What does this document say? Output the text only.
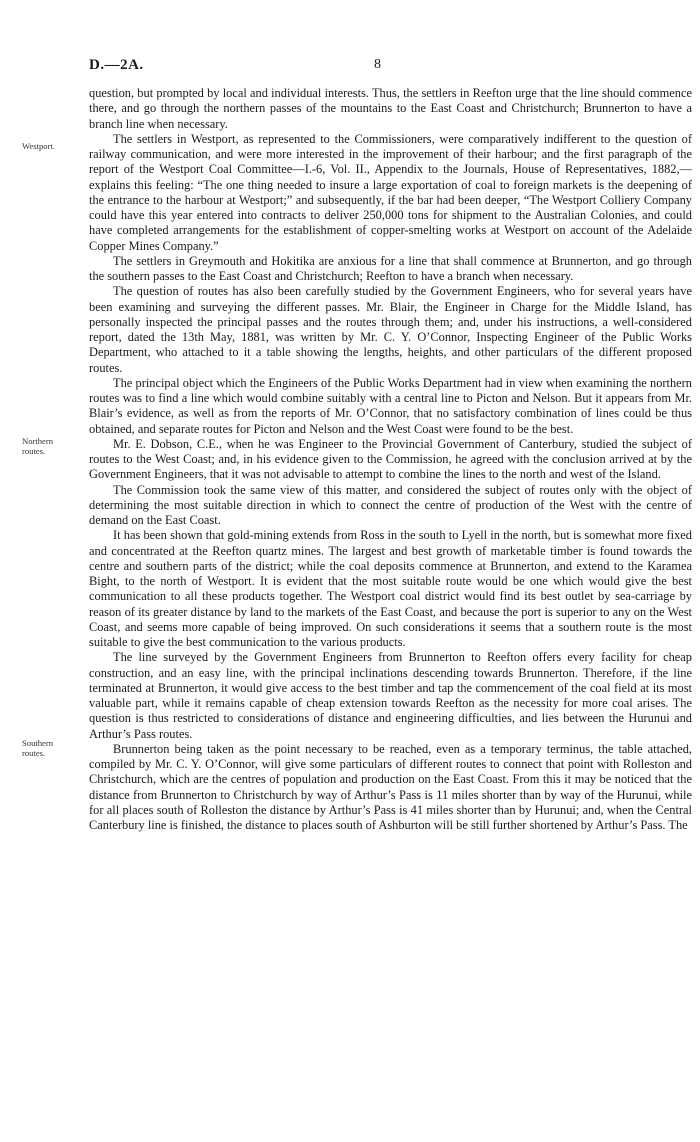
D.—2A.	8
Westport.
Northern routes.
Southern routes.

question, but prompted by local and individual interests. Thus, the settlers in Reefton urge that the line should commence there, and go through the northern passes of the mountains to the East Coast and Christchurch; Brunnerton to have a branch line when necessary.

The settlers in Westport, as represented to the Commissioners, were comparatively indifferent to the question of railway communication, and were more interested in the improvement of their harbour; and the first paragraph of the report of the Westport Coal Committee—I.-6, Vol. II., Appendix to the Journals, House of Representatives, 1882,—explains this feeling: “The one thing needed to insure a large exportation of coal to foreign markets is the deepening of the entrance to the harbour at Westport;” and subsequently, if the bar had been deeper, “The Westport Colliery Company could have this year entered into contracts to deliver 250,000 tons for shipment to the Australian Colonies, and could have completed arrangements for the establishment of copper-smelting works at Westport on account of the Adelaide Copper Mines Company.”

The settlers in Greymouth and Hokitika are anxious for a line that shall commence at Brunnerton, and go through the southern passes to the East Coast and Christchurch; Reefton to have a branch when necessary.

The question of routes has also been carefully studied by the Government Engineers, who for several years have been examining and surveying the different passes. Mr. Blair, the Engineer in Charge for the Middle Island, has personally inspected the principal passes and the routes through them; and, under his instructions, a well-considered report, dated the 13th May, 1881, was written by Mr. C. Y. O’Connor, Inspecting Engineer of the Public Works Department, who attached to it a table showing the lengths, heights, and other particulars of the different proposed routes.

The principal object which the Engineers of the Public Works Department had in view when examining the northern routes was to find a line which would combine suitably with a central line to Picton and Nelson. But it appears from Mr. Blair’s evidence, as well as from the reports of Mr. O’Connor, that no satisfactory combination of lines could be thus obtained, and separate routes for Picton and Nelson and the West Coast were found to be the best.

Mr. E. Dobson, C.E., when he was Engineer to the Provincial Government of Canterbury, studied the subject of routes to the West Coast; and, in his evidence given to the Commission, he agreed with the conclusion arrived at by the Government Engineers, that it was not advisable to attempt to combine the lines to the north and west of the Island.

The Commission took the same view of this matter, and considered the subject of routes only with the object of determining the most suitable direction in which to connect the centre of production of the West with the centre of demand on the East Coast.

It has been shown that gold-mining extends from Ross in the south to Lyell in the north, but is somewhat more fixed and concentrated at the Reefton quartz mines. The largest and best growth of marketable timber is found towards the centre and southern parts of the district; while the coal deposits commence at Brunnerton, and extend to the Karamea Bight, to the north of Westport. It is evident that the most suitable route would be one which would give the best communication to all these products together. The Westport coal district would find its best outlet by sea-carriage by reason of its greater distance by land to the markets of the East Coast, and because the port is superior to any on the West Coast, and seems more capable of being improved. On such considerations it seems that a southern route is the most suitable to give the best communication to the various products.

The line surveyed by the Government Engineers from Brunnerton to Reefton offers every facility for cheap construction, and an easy line, with the principal inclinations descending towards Brunnerton. Therefore, if the line terminated at Brunnerton, it would give access to the best timber and tap the commencement of the coal field at its most valuable part, while it remains capable of cheap extension towards Reefton as the necessity for more coal arises. The question is thus restricted to considerations of distance and engineering difficulties, and lies between the Hurunui and Arthur’s Pass routes.

Brunnerton being taken as the point necessary to be reached, even as a temporary terminus, the table attached, compiled by Mr. C. Y. O’Connor, will give some particulars of different routes to connect that point with Rolleston and Christchurch, which are the centres of population and production on the East Coast. From this it may be noticed that the distance from Brunnerton to Christchurch by way of Arthur’s Pass is 11 miles shorter than by way of the Hurunui, while for all places south of Rolleston the distance by Arthur’s Pass is 41 miles shorter than by Hurunui; and, when the Central Canterbury line is finished, the distance to places south of Ashburton will be still further shortened by Arthur’s Pass. The
